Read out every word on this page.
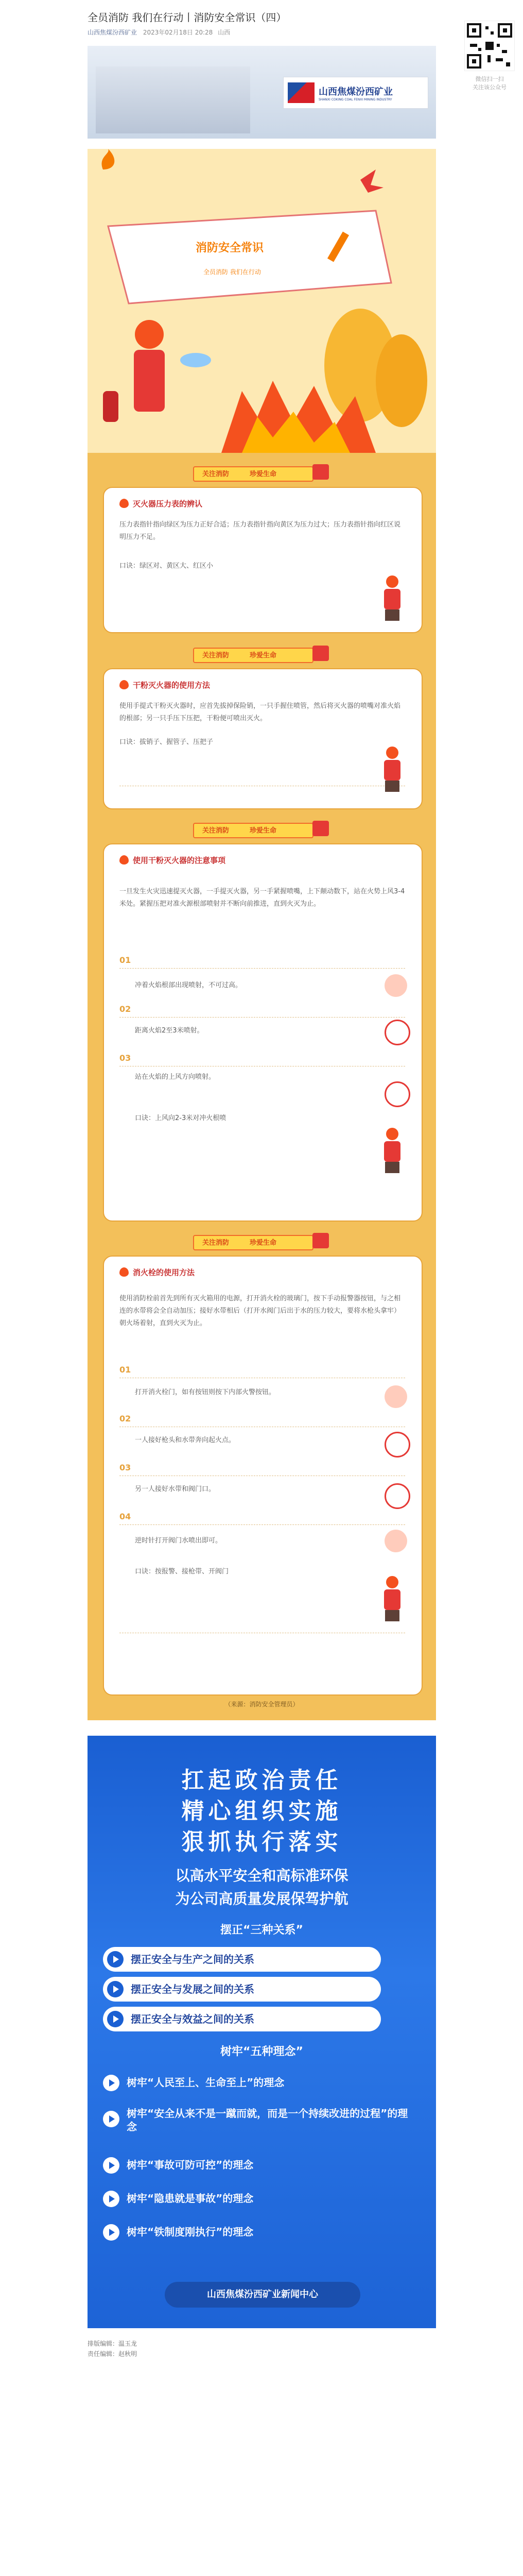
全员消防 我们在行动丨消防安全常识（四）
山西焦煤汾西矿业 2023年02月18日 20:28 山西
山西焦煤汾西矿业
SHANXI COKING COAL FENXI MINING INDUSTRY
消防安全常识
全员消防 我们在行动
关注消防	珍爱生命
灭火器压力表的辨认
压力表指针指向绿区为压力正好合适；压力表指针指向黄区为压力过大；压力表指针指向红区说明压力不足。
口诀：绿区对、黄区大、红区小
关注消防	珍爱生命
干粉灭火器的使用方法
使用手提式干粉灭火器时，应首先拔掉保险销，一只手握住喷管，然后将灭火器的喷嘴对准火焰的根部；另一只手压下压把，干粉便可喷出灭火。
口诀：拔销子、握管子、压把子
关注消防	珍爱生命
使用干粉灭火器的注意事项
一旦发生火灾迅速提灭火器，一手提灭火器，另一手紧握喷嘴，上下颠动数下，站在火势上风3-4米处。紧握压把对准火源根部喷射并不断向前推进，直到火灭为止。
01
冲着火焰根部出现喷射，不可过高。
02
距离火焰2至3米喷射。
03
站在火焰的上风方向喷射。
口诀：上风向2-3米对冲火根喷
关注消防	珍爱生命
消火栓的使用方法
使用消防栓前首先到所有灭火箱用的电源，打开消火栓的玻璃门，按下手动报警器按钮，与之相连的水带将会全自动加压；接好水带相后（打开水阀门后出于水的压力较大，要将水枪头拿牢）朝火场着射，直到火灭为止。
01
打开消火栓门，如有按钮则按下内部火警按钮。
02
一人接好枪头和水带奔向起火点。
03
另一人接好水带和阀门口。
04
逆时针打开阀门水喷出即可。
口诀：按报警、接枪带、开阀门
（来源：消防安全管理员）
扛起政治责任
精心组织实施
狠抓执行落实
以高水平安全和高标准环保
为公司高质量发展保驾护航
摆正“三种关系”
摆正安全与生产之间的关系
摆正安全与发展之间的关系
摆正安全与效益之间的关系
树牢“五种理念”
树牢“人民至上、生命至上”的理念
树牢“安全从来不是一蹴而就，而是一个持续改进的过程”的理念
树牢“事故可防可控”的理念
树牢“隐患就是事故”的理念
树牢“铁制度刚执行”的理念
山西焦煤汾西矿业新闻中心
排版编辑：温玉龙
责任编辑：赵秋明
微信扫一扫
关注该公众号
